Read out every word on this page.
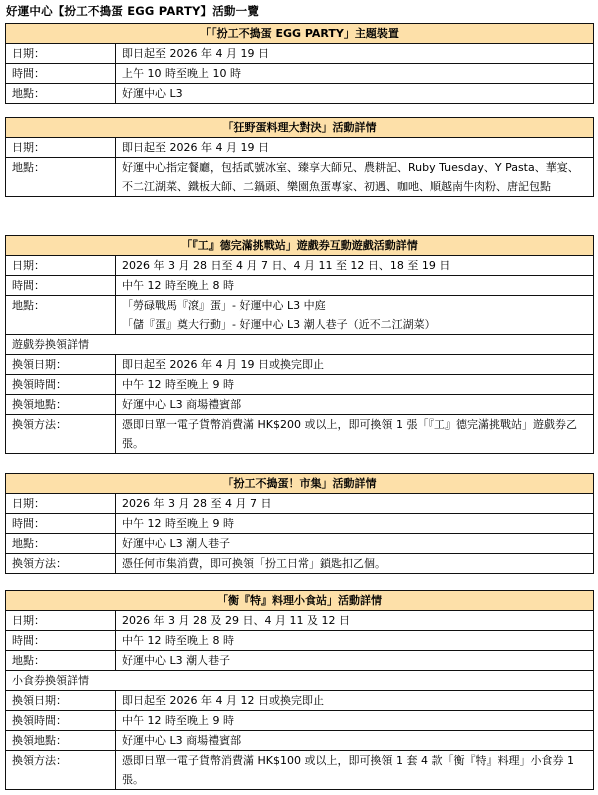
好運中心【扮工不搗蛋 EGG PARTY】活動一覽
「「扮工不搗蛋 EGG PARTY」主題裝置	
日期：	即日起至 2026 年 4 月 19 日
時間：	上午 10 時至晚上 10 時
地點：	好運中心 L3
「狂野蛋料理大對決」活動詳情	
日期：	即日起至 2026 年 4 月 19 日
地點：	好運中心指定餐廳，包括貳號冰室、臻享大師兄、農耕記、Ruby Tuesday、Y Pasta、華宴、不二江湖菜、鐵板大師、二鍋頭、樂園魚蛋專家、初遇、咖吔、順越南牛肉粉、唐記包點
「『工』德完滿挑戰站」遊戲券互動遊戲活動詳情	
日期：	2026 年 3 月 28 日至 4 月 7 日、4 月 11 至 12 日、18 至 19 日
時間：	中午 12 時至晚上 8 時
地點：	「勞碌戰馬『滾』蛋」- 好運中心 L3 中庭
「儲『蛋』奠大行動」- 好運中心 L3 潮人巷子（近不二江湖菜）

遊戲券換領詳情	
換領日期：	即日起至 2026 年 4 月 19 日或換完即止
換領時間：	中午 12 時至晚上 9 時
換領地點：	好運中心 L3 商場禮賓部
換領方法：	憑即日單一電子貨幣消費滿 HK$200 或以上，即可換領 1 張「『工』德完滿挑戰站」遊戲券乙張。
「扮工不搗蛋！市集」活動詳情	
日期：	2026 年 3 月 28 至 4 月 7 日
時間：	中午 12 時至晚上 9 時
地點：	好運中心 L3 潮人巷子
換領方法：	憑任何市集消費，即可換領「扮工日常」鎖匙扣乙個。
「衡『特』料理小食站」活動詳情	
日期：	2026 年 3 月 28 及 29 日、4 月 11 及 12 日
時間：	中午 12 時至晚上 8 時
地點：	好運中心 L3 潮人巷子
小食券換領詳情	
換領日期：	即日起至 2026 年 4 月 12 日或換完即止
換領時間：	中午 12 時至晚上 9 時
換領地點：	好運中心 L3 商場禮賓部
換領方法：	憑即日單一電子貨幣消費滿 HK$100 或以上，即可換領 1 套 4 款「衡『特』料理」小食券 1 張。
